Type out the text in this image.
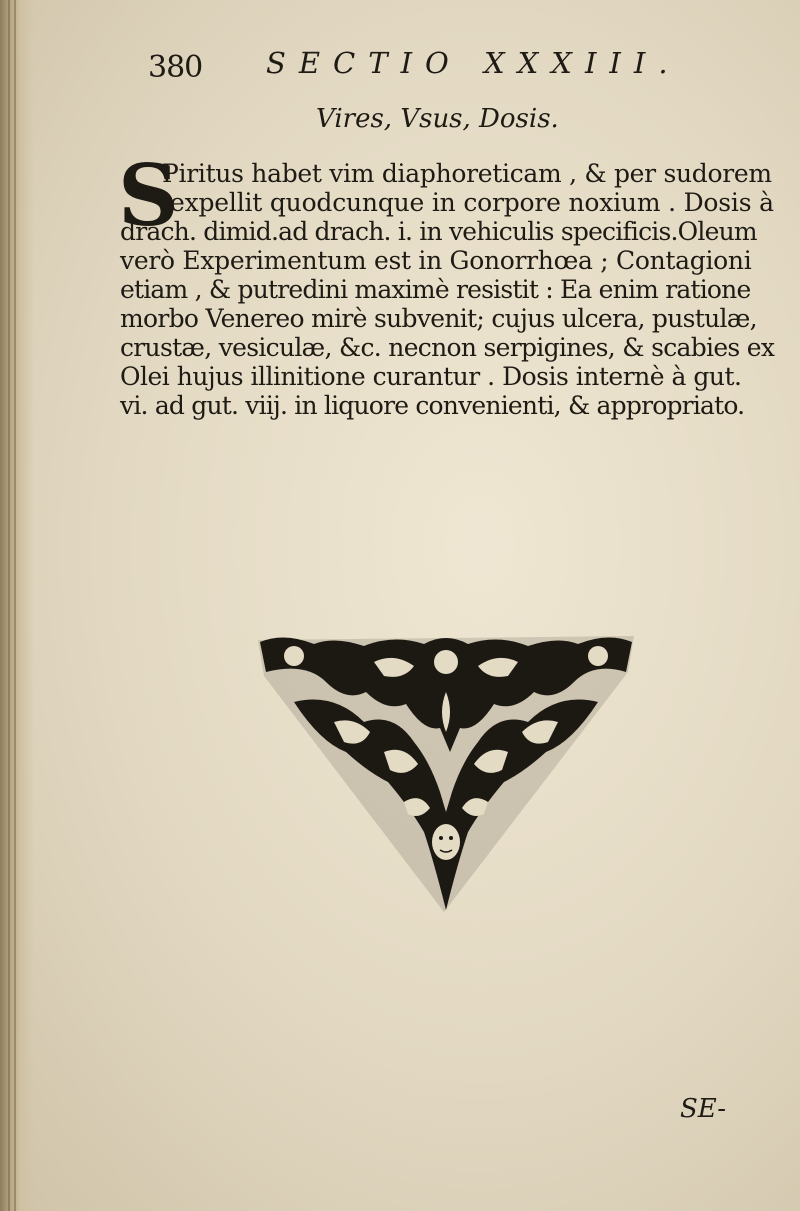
380 SECTIO XXXIII.
Vires, Vsus, Dosis.
S
Piritus habet vim diaphoreticam , & per sudorem
expellit quodcunque in corpore noxium . Dosis à
drach. dimid.ad drach. i. in vehiculis specificis.Oleum
verò Experimentum est in Gonorrhœa ; Contagioni
etiam , & putredini maximè resistit : Ea enim ratione
morbo Venereo mirè subvenit; cujus ulcera, pustulæ,
crustæ, vesiculæ, &c. necnon serpigines, & scabies ex
Olei hujus illinitione curantur . Dosis internè à gut.
vi. ad gut. viij. in liquore convenienti, & appropriato.
SE-
